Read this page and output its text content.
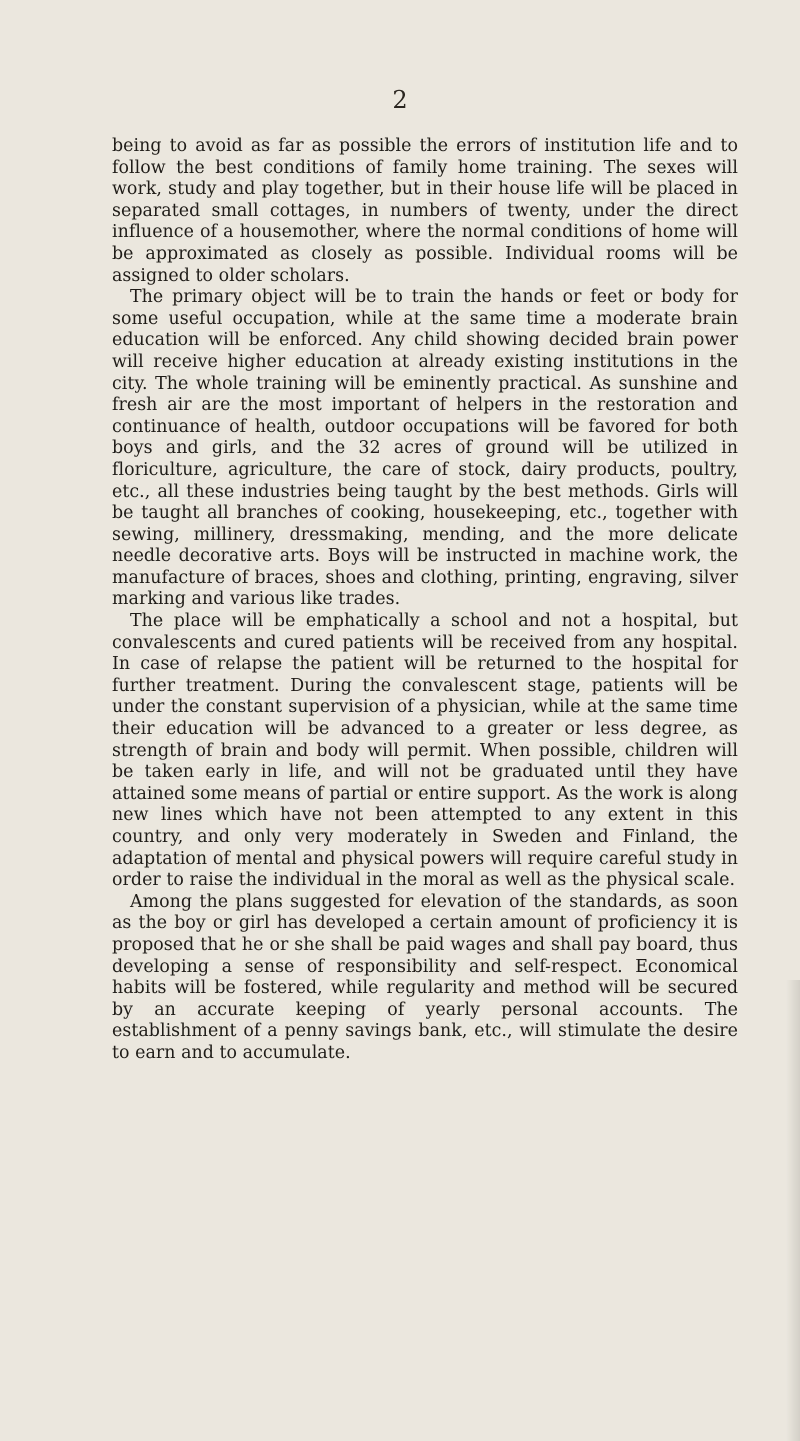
2

being to avoid as far as possible the errors of institution life and to follow the best conditions of family home training. The sexes will work, study and play together, but in their house life will be placed in separated small cottages, in numbers of twenty, under the direct influence of a housemother, where the normal conditions of home will be approximated as closely as possible. Individual rooms will be assigned to older scholars.

The primary object will be to train the hands or feet or body for some useful occupation, while at the same time a moderate brain education will be enforced. Any child showing decided brain power will receive higher education at already existing institutions in the city. The whole training will be eminently practical. As sunshine and fresh air are the most important of helpers in the restoration and continuance of health, outdoor occupations will be favored for both boys and girls, and the 32 acres of ground will be utilized in floriculture, agriculture, the care of stock, dairy products, poultry, etc., all these industries being taught by the best methods. Girls will be taught all branches of cooking, housekeeping, etc., together with sewing, millinery, dressmaking, mending, and the more delicate needle decorative arts. Boys will be instructed in machine work, the manufacture of braces, shoes and clothing, printing, engraving, silver marking and various like trades.

The place will be emphatically a school and not a hospital, but convalescents and cured patients will be received from any hospital. In case of relapse the patient will be returned to the hospital for further treatment. During the convalescent stage, patients will be under the constant supervision of a physician, while at the same time their education will be advanced to a greater or less degree, as strength of brain and body will permit. When possible, children will be taken early in life, and will not be graduated until they have attained some means of partial or entire support. As the work is along new lines which have not been attempted to any extent in this country, and only very moderately in Sweden and Finland, the adaptation of mental and physical powers will require careful study in order to raise the individual in the moral as well as the physical scale.

Among the plans suggested for elevation of the standards, as soon as the boy or girl has developed a certain amount of proficiency it is proposed that he or she shall be paid wages and shall pay board, thus developing a sense of responsibility and self-respect. Economical habits will be fostered, while regularity and method will be secured by an accurate keeping of yearly personal accounts. The establishment of a penny savings bank, etc., will stimulate the desire to earn and to accumulate.
